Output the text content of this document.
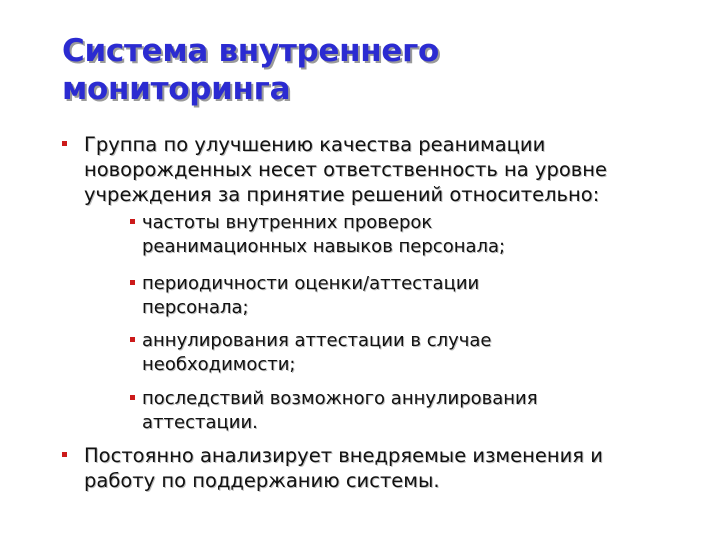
Система внутреннего
мониторинга
Группа по улучшению качества реанимации
новорожденных несет ответственность на уровне
учреждения за принятие решений относительно:
частоты внутренних проверок
реанимационных навыков персонала;
периодичности оценки/аттестации
персонала;
аннулирования аттестации в случае
необходимости;
последствий возможного аннулирования
аттестации.
Постоянно анализирует внедряемые изменения и
работу по поддержанию системы.
